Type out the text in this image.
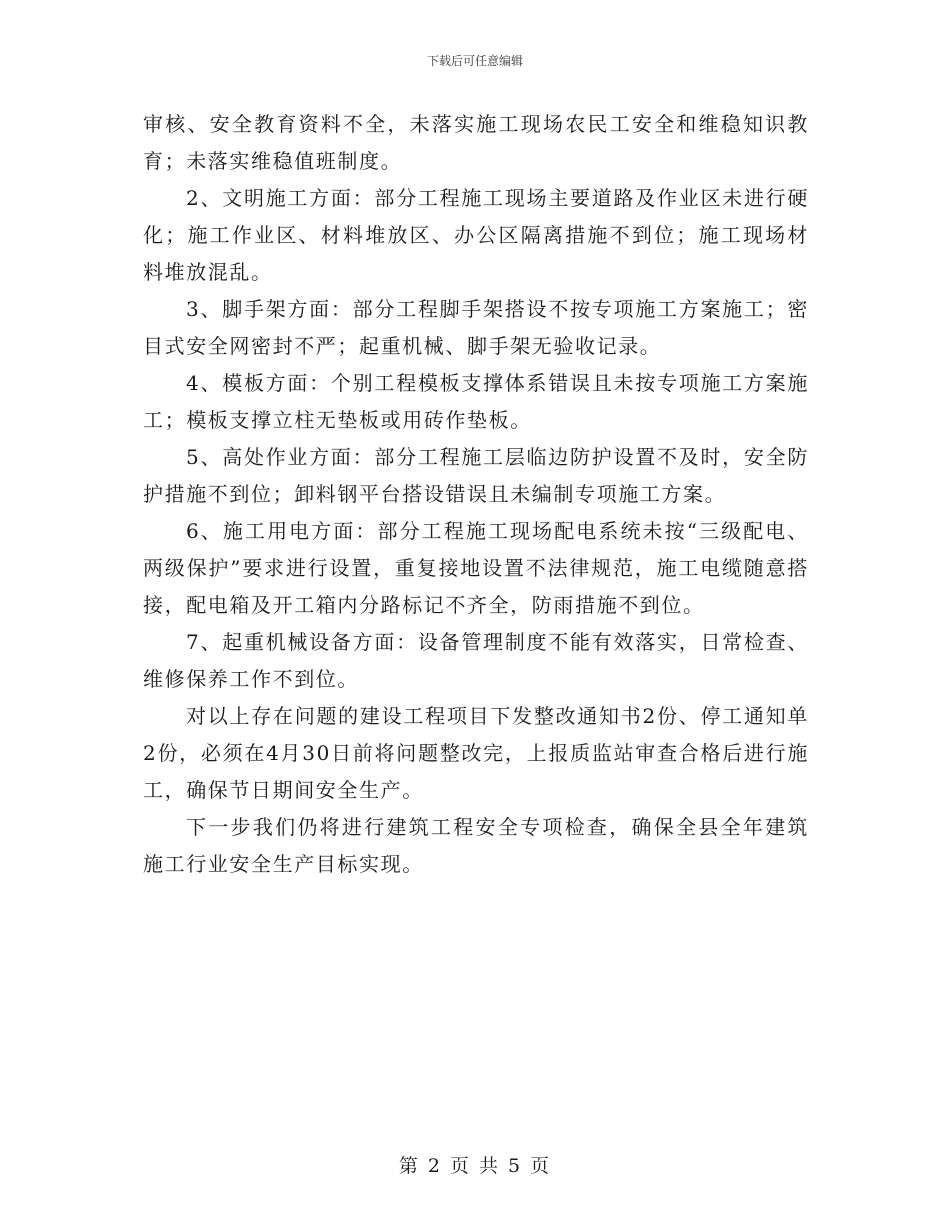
下载后可任意编辑

审核、安全教育资料不全，未落实施工现场农民工安全和维稳知识教育；未落实维稳值班制度。

2、文明施工方面：部分工程施工现场主要道路及作业区未进行硬化；施工作业区、材料堆放区、办公区隔离措施不到位；施工现场材料堆放混乱。

3、脚手架方面：部分工程脚手架搭设不按专项施工方案施工；密目式安全网密封不严；起重机械、脚手架无验收记录。

4、模板方面：个别工程模板支撑体系错误且未按专项施工方案施工；模板支撑立柱无垫板或用砖作垫板。

5、高处作业方面：部分工程施工层临边防护设置不及时，安全防护措施不到位；卸料钢平台搭设错误且未编制专项施工方案。

6、施工用电方面：部分工程施工现场配电系统未按“三级配电、两级保护”要求进行设置，重复接地设置不法律规范，施工电缆随意搭接，配电箱及开工箱内分路标记不齐全，防雨措施不到位。

7、起重机械设备方面：设备管理制度不能有效落实，日常检查、维修保养工作不到位。

对以上存在问题的建设工程项目下发整改通知书2份、停工通知单2份，必须在4月30日前将问题整改完，上报质监站审查合格后进行施工，确保节日期间安全生产。

下一步我们仍将进行建筑工程安全专项检查，确保全县全年建筑施工行业安全生产目标实现。

第 2 页 共 5 页
